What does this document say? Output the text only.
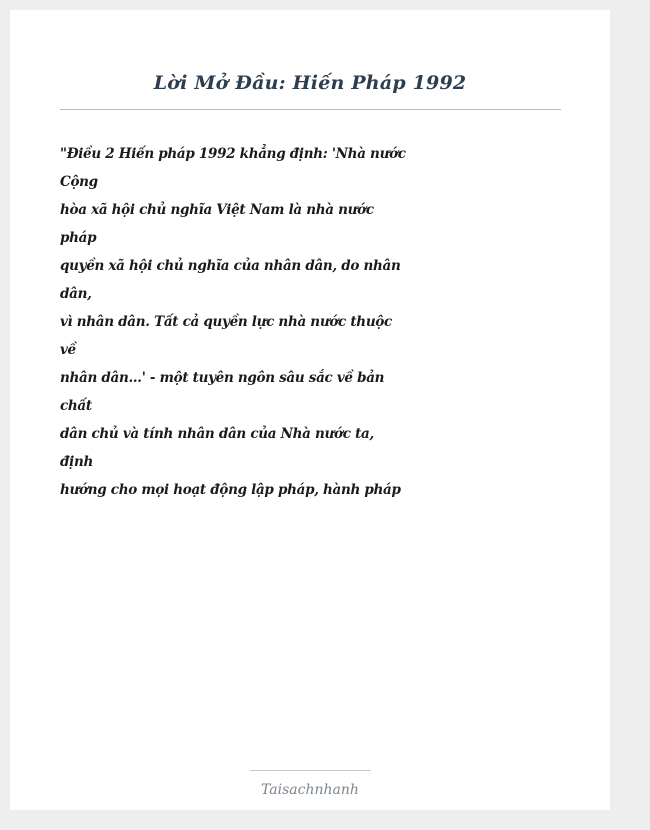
Lời Mở Đầu: Hiến Pháp 1992
"Điều 2 Hiến pháp 1992 khẳng định: 'Nhà nước
Cộng
hòa xã hội chủ nghĩa Việt Nam là nhà nước
pháp
quyền xã hội chủ nghĩa của nhân dân, do nhân
dân,
vì nhân dân. Tất cả quyền lực nhà nước thuộc
về
nhân dân...' - một tuyên ngôn sâu sắc về bản
chất
dân chủ và tính nhân dân của Nhà nước ta,
định
hướng cho mọi hoạt động lập pháp, hành pháp
Taisachnhanh
